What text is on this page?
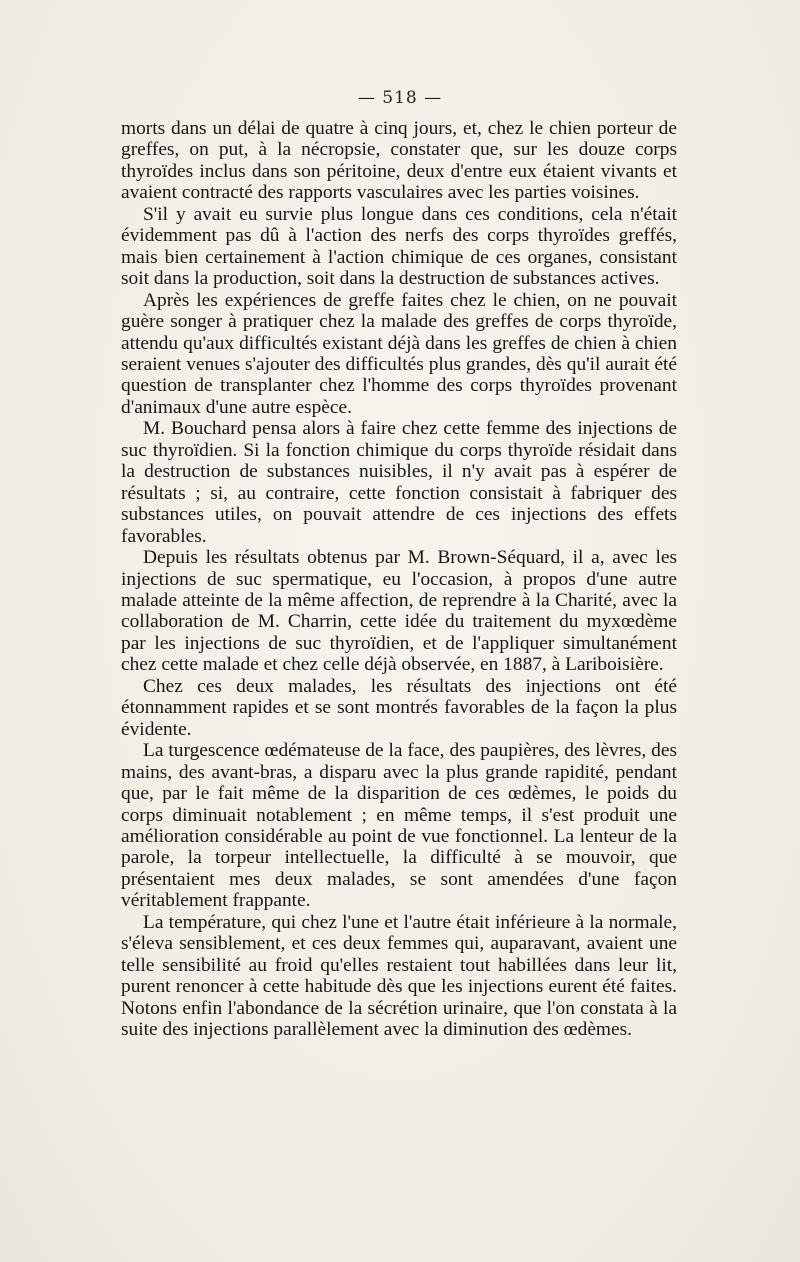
— 518 —

morts dans un délai de quatre à cinq jours, et, chez le chien porteur de greffes, on put, à la nécropsie, constater que, sur les douze corps thyroïdes inclus dans son péritoine, deux d'entre eux étaient vivants et avaient contracté des rapports vasculaires avec les parties voisines.

S'il y avait eu survie plus longue dans ces conditions, cela n'était évidemment pas dû à l'action des nerfs des corps thyroïdes greffés, mais bien certainement à l'action chimique de ces organes, consistant soit dans la production, soit dans la destruction de substances actives.

Après les expériences de greffe faites chez le chien, on ne pouvait guère songer à pratiquer chez la malade des greffes de corps thyroïde, attendu qu'aux difficultés existant déjà dans les greffes de chien à chien seraient venues s'ajouter des difficultés plus grandes, dès qu'il aurait été question de transplanter chez l'homme des corps thyroïdes provenant d'animaux d'une autre espèce.

M. Bouchard pensa alors à faire chez cette femme des injections de suc thyroïdien. Si la fonction chimique du corps thyroïde résidait dans la destruction de substances nuisibles, il n'y avait pas à espérer de résultats ; si, au contraire, cette fonction consistait à fabriquer des substances utiles, on pouvait attendre de ces injections des effets favorables.

Depuis les résultats obtenus par M. Brown-Séquard, il a, avec les injections de suc spermatique, eu l'occasion, à propos d'une autre malade atteinte de la même affection, de reprendre à la Charité, avec la collaboration de M. Charrin, cette idée du traitement du myxœdème par les injections de suc thyroïdien, et de l'appliquer simultanément chez cette malade et chez celle déjà observée, en 1887, à Lariboisière.

Chez ces deux malades, les résultats des injections ont été étonnamment rapides et se sont montrés favorables de la façon la plus évidente.

La turgescence œdémateuse de la face, des paupières, des lèvres, des mains, des avant-bras, a disparu avec la plus grande rapidité, pendant que, par le fait même de la disparition de ces œdèmes, le poids du corps diminuait notablement ; en même temps, il s'est produit une amélioration considérable au point de vue fonctionnel. La lenteur de la parole, la torpeur intellectuelle, la difficulté à se mouvoir, que présentaient mes deux malades, se sont amendées d'une façon véritablement frappante.

La température, qui chez l'une et l'autre était inférieure à la normale, s'éleva sensiblement, et ces deux femmes qui, auparavant, avaient une telle sensibilité au froid qu'elles restaient tout habillées dans leur lit, purent renoncer à cette habitude dès que les injections eurent été faites. Notons enfin l'abondance de la sécrétion urinaire, que l'on constata à la suite des injections parallèlement avec la diminution des œdèmes.
